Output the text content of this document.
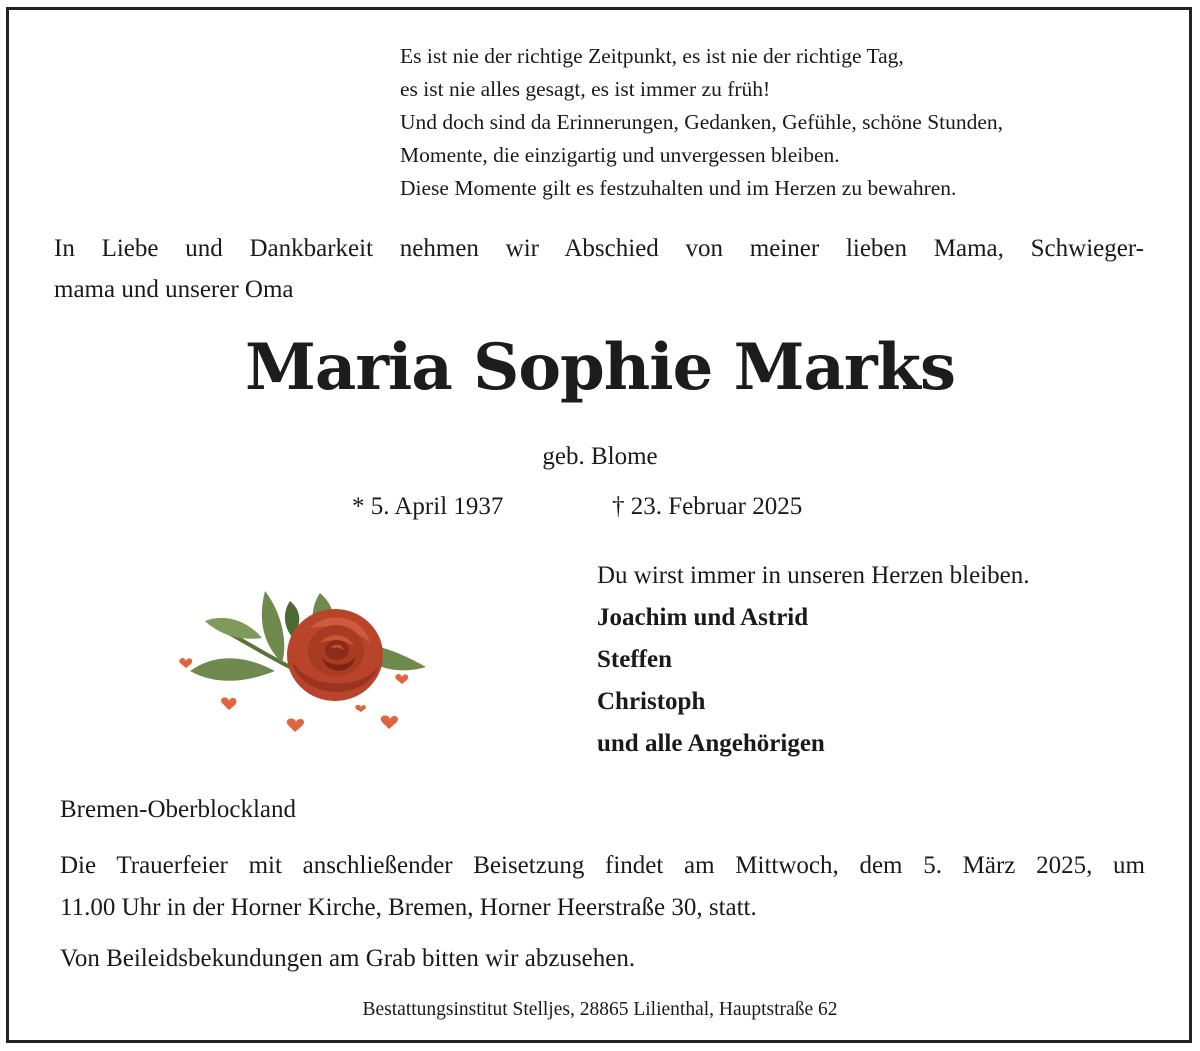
Es ist nie der richtige Zeitpunkt, es ist nie der richtige Tag,
es ist nie alles gesagt, es ist immer zu früh!
Und doch sind da Erinnerungen, Gedanken, Gefühle, schöne Stunden,
Momente, die einzigartig und unvergessen bleiben.
Diese Momente gilt es festzuhalten und im Herzen zu bewahren.
In Liebe und Dankbarkeit nehmen wir Abschied von meiner lieben Mama, Schwieger-
mama und unserer Oma
Maria Sophie Marks
geb. Blome
* 5. April 1937	† 23. Februar 2025
Du wirst immer in unseren Herzen bleiben.
Joachim und Astrid
Steffen
Christoph
und alle Angehörigen
Bremen-Oberblockland
Die Trauerfeier mit anschließender Beisetzung findet am Mittwoch, dem 5. März 2025, um
11.00 Uhr in der Horner Kirche, Bremen, Horner Heerstraße 30, statt.
Von Beileidsbekundungen am Grab bitten wir abzusehen.
Bestattungsinstitut Stelljes, 28865 Lilienthal, Hauptstraße 62
